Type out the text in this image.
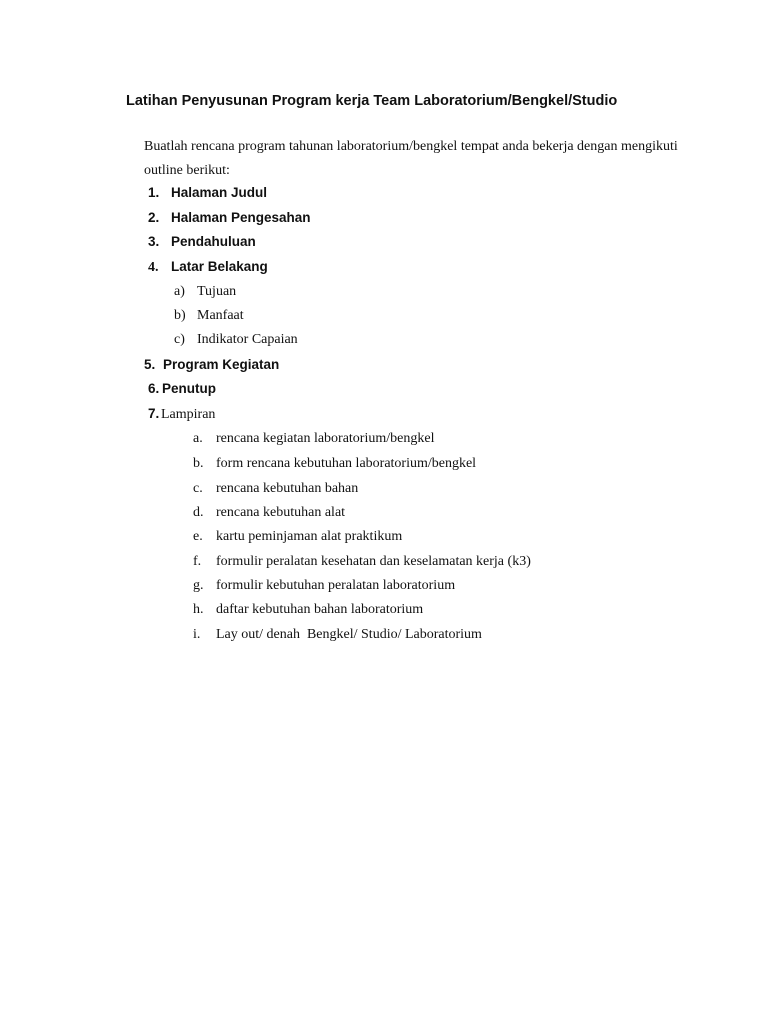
Latihan Penyusunan Program kerja Team Laboratorium/Bengkel/Studio
Buatlah rencana program tahunan laboratorium/bengkel tempat anda bekerja dengan mengikuti outline berikut:
1. Halaman Judul
2. Halaman Pengesahan
3. Pendahuluan
4. Latar Belakang
a) Tujuan
b) Manfaat
c) Indikator Capaian
5. Program Kegiatan
6. Penutup
7. Lampiran
a. rencana kegiatan laboratorium/bengkel
b. form rencana kebutuhan laboratorium/bengkel
c. rencana kebutuhan bahan
d. rencana kebutuhan alat
e. kartu peminjaman alat praktikum
f. formulir peralatan kesehatan dan keselamatan kerja (k3)
g. formulir kebutuhan peralatan laboratorium
h. daftar kebutuhan bahan laboratorium
i. Lay out/ denah  Bengkel/ Studio/ Laboratorium
